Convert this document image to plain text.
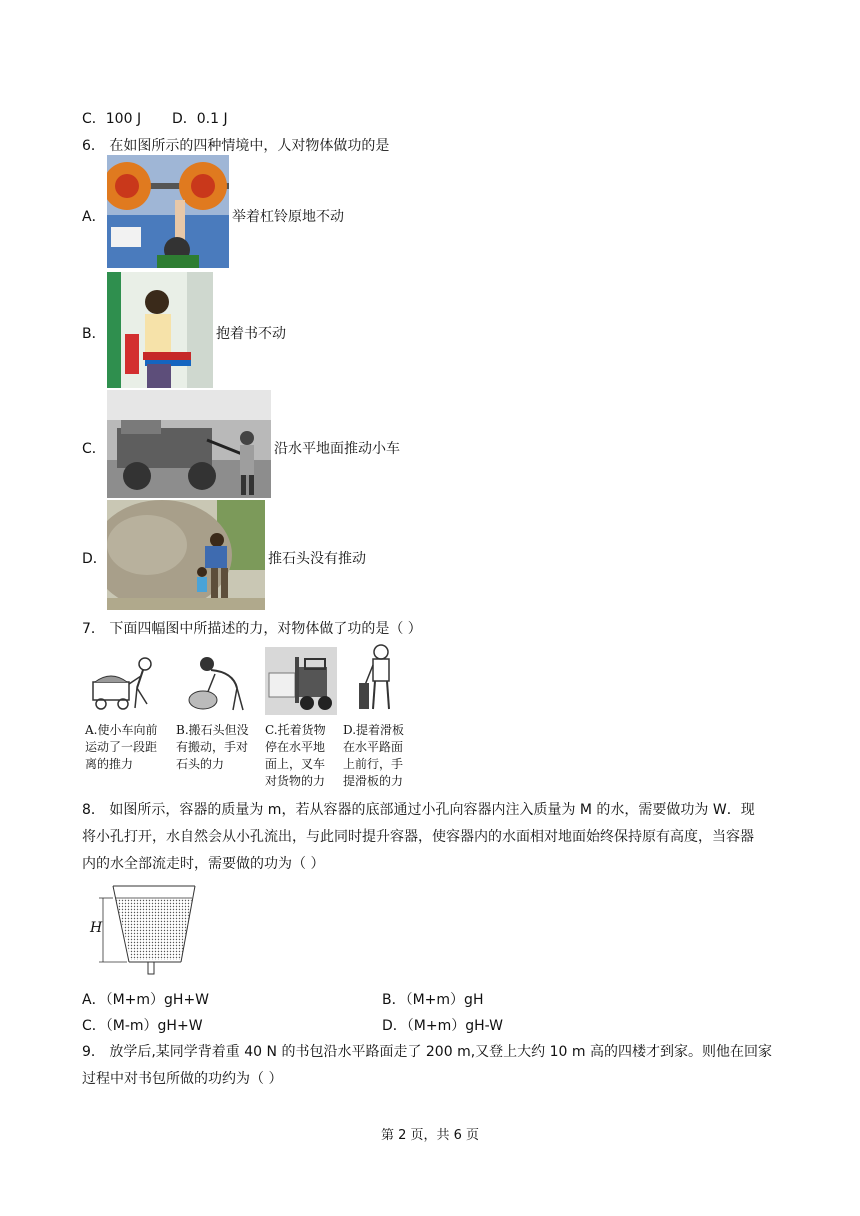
C．100 J D．0.1 J
6． 在如图所示的四种情境中，人对物体做功的是
A．	举着杠铃原地不动
B．	抱着书不动
C．	沿水平地面推动小车
D．	推石头没有推动
7． 下面四幅图中所描述的力，对物体做了功的是（ ）
A.使小车向前
运动了一段距
离的推力
B.搬石头但没
有搬动，手对
石头的力
C.托着货物
停在水平地
面上，叉车
对货物的力
D.提着滑板
在水平路面
上前行，手
提滑板的力
8． 如图所示，容器的质量为 m，若从容器的底部通过小孔向容器内注入质量为 M 的水，需要做功为 W．现
将小孔打开，水自然会从小孔流出，与此同时提升容器，使容器内的水面相对地面始终保持原有高度，当容器
内的水全部流走时，需要做的功为（ ）
H
A．（M+m）gH+W	B．（M+m）gH
C．（M-m）gH+W	D．（M+m）gH-W
9． 放学后,某同学背着重 40 N 的书包沿水平路面走了 200 m,又登上大约 10 m 高的四楼才到家。则他在回家
过程中对书包所做的功约为（ ）
第 2 页，共 6 页
